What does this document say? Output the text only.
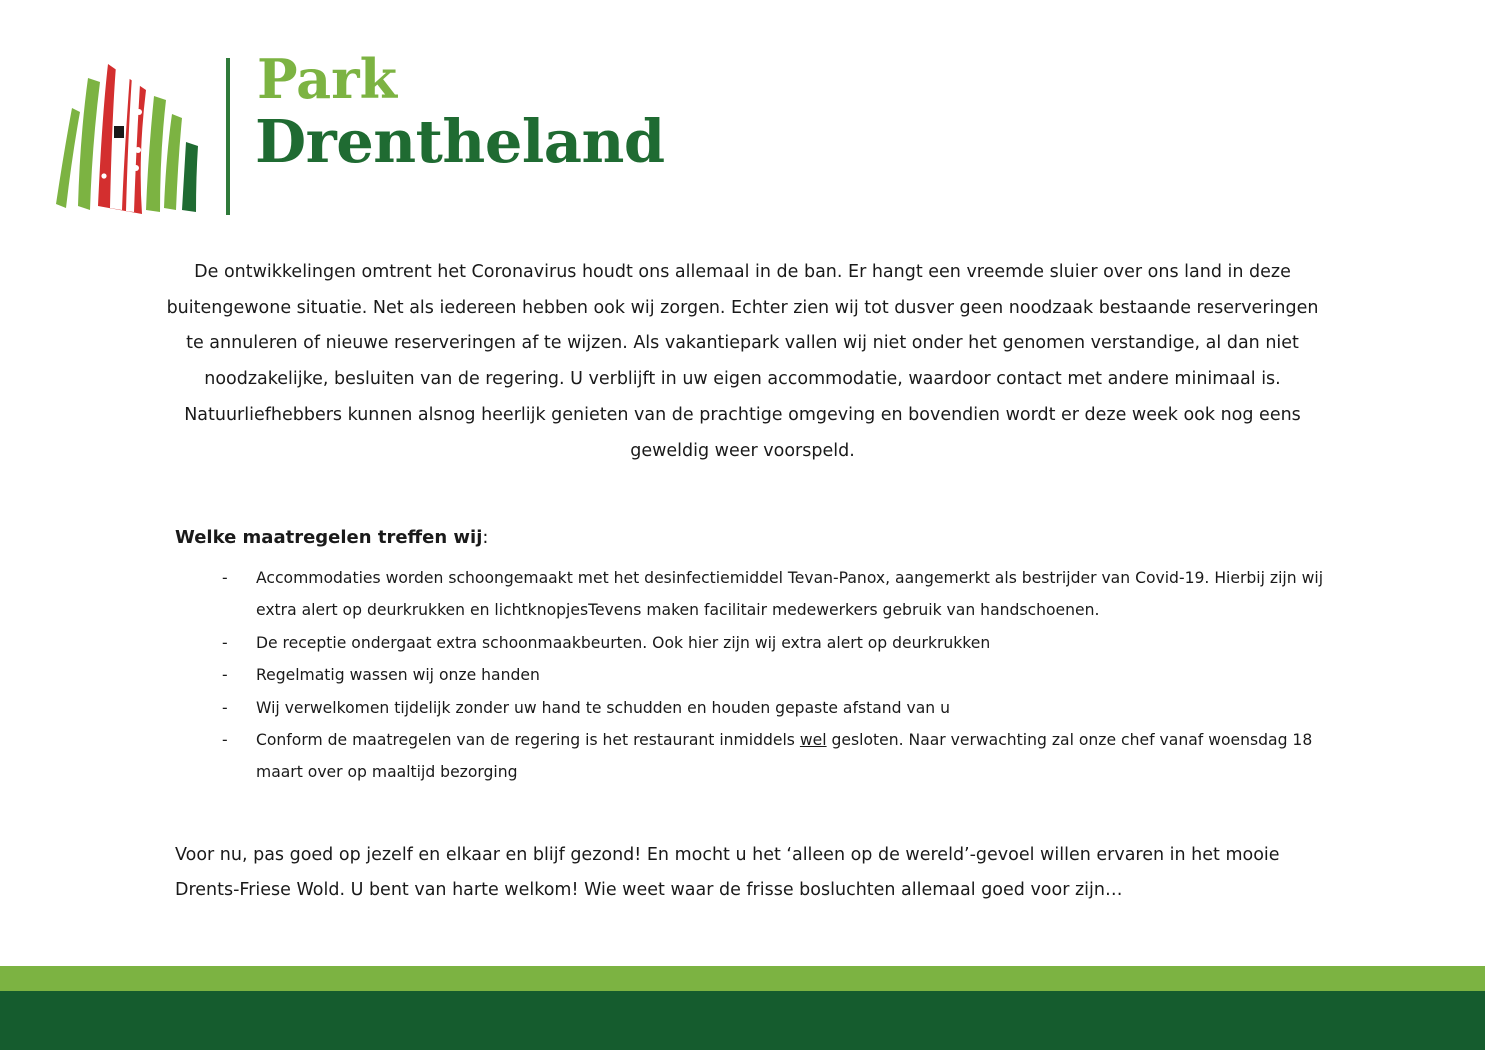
Park
Drentheland

De ontwikkelingen omtrent het Coronavirus houdt ons allemaal in de ban. Er hangt een vreemde sluier over ons land in deze buitengewone situatie. Net als iedereen hebben ook wij zorgen. Echter zien wij tot dusver geen noodzaak bestaande reserveringen te annuleren of nieuwe reserveringen af te wijzen. Als vakantiepark vallen wij niet onder het genomen verstandige, al dan niet noodzakelijke, besluiten van de regering. U verblijft in uw eigen accommodatie, waardoor contact met andere minimaal is. Natuurliefhebbers kunnen alsnog heerlijk genieten van de prachtige omgeving en bovendien wordt er deze week ook nog eens geweldig weer voorspeld.

Welke maatregelen treffen wij:

- Accommodaties worden schoongemaakt met het desinfectiemiddel Tevan-Panox, aangemerkt als bestrijder van Covid-19. Hierbij zijn wij extra alert op deurkrukken en lichtknopjesTevens maken facilitair medewerkers gebruik van handschoenen.
- De receptie ondergaat extra schoonmaakbeurten. Ook hier zijn wij extra alert op deurkrukken
- Regelmatig wassen wij onze handen
- Wij verwelkomen tijdelijk zonder uw hand te schudden en houden gepaste afstand van u
- Conform de maatregelen van de regering is het restaurant inmiddels wel gesloten. Naar verwachting zal onze chef vanaf woensdag 18 maart over op maaltijd bezorging

Voor nu, pas goed op jezelf en elkaar en blijf gezond! En mocht u het ‘alleen op de wereld’-gevoel willen ervaren in het mooie Drents-Friese Wold. U bent van harte welkom! Wie weet waar de frisse bosluchten allemaal goed voor zijn…
